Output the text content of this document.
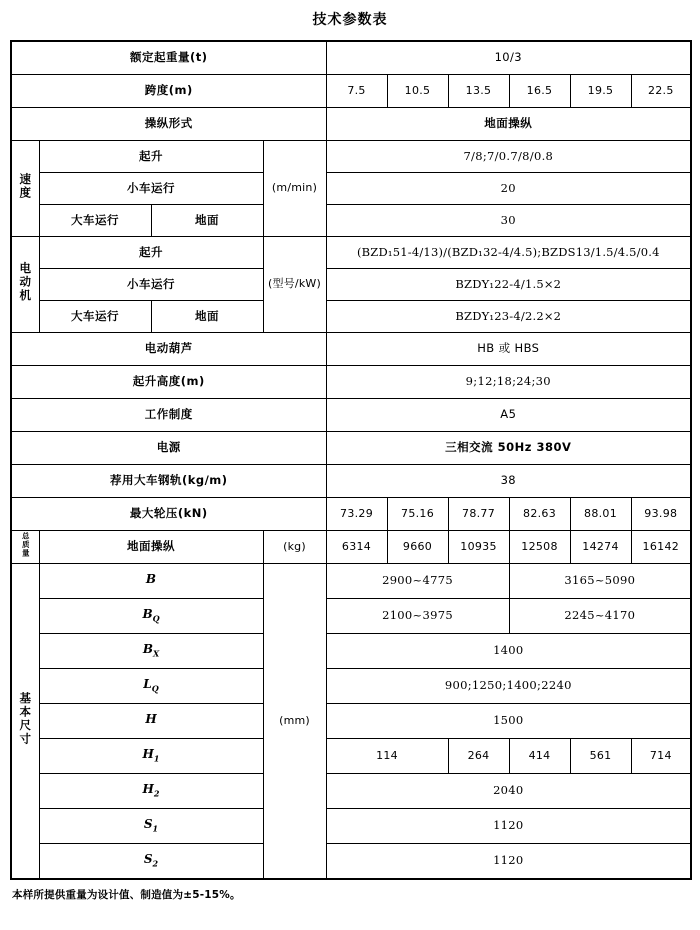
技术参数表
额定起重量(t)				10/3					
跨度(m)				7.5	10.5	13.5	16.5	19.5	22.5
操纵形式				地面操纵					
速度	起升		(m/min)	7/8;7/0.7/8/0.8					
	小车运行			20					
	大车运行	地面		30					
电动机	起升		(型号/kW)	(BZD₁51-4/13)/(BZD₁32-4/4.5);BZDS13/1.5/4.5/0.4					
	小车运行			BZDY₁22-4/1.5×2					
	大车运行	地面		BZDY₁23-4/2.2×2					
电动葫芦				HB 或 HBS					
起升高度(m)				9;12;18;24;30					
工作制度				A5					
电源				三相交流 50Hz 380V					
荐用大车钢轨(kg/m)				38					
最大轮压(kN)				73.29	75.16	78.77	82.63	88.01	93.98
总质量	地面操纵		(kg)	6314	9660	10935	12508	14274	16142
基本尺寸	B		(mm)	2900~4775			3165~5090		
	$B_Q$			2100~3975			2245~4170		
	$B_X$			1400					
	$L_Q$			900;1250;1400;2240					
	H			1500					
	$H_1$			114		264	414	561	714
	$H_2$			2040					
	$S_1$			1120					
	$S_2$			1120					
本样所提供重量为设计值、制造值为±5-15%。
